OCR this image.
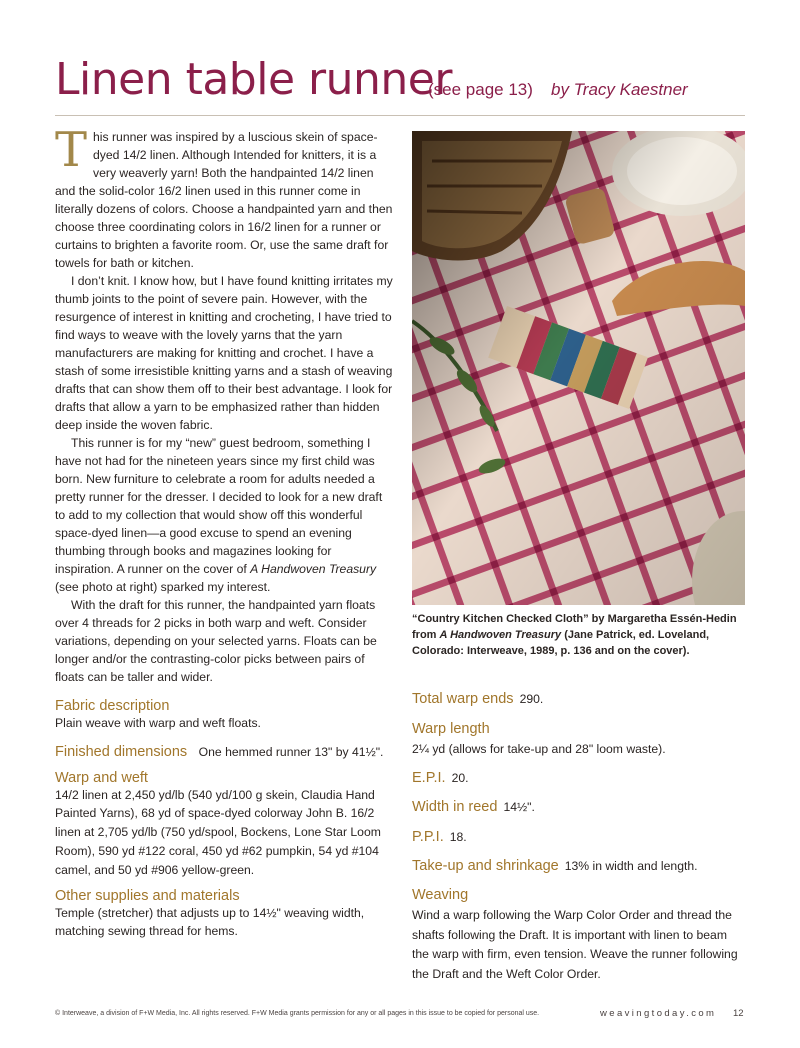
Linen table runner
(see page 13) by Tracy Kaestner

This runner was inspired by a luscious skein of space-dyed 14/2 linen. Although Intended for knitters, it is a very weaverly yarn! Both the handpainted 14/2 linen and the solid-color 16/2 linen used in this runner come in literally dozens of colors. Choose a handpainted yarn and then choose three coordinating colors in 16/2 linen for a runner or curtains to brighten a favorite room. Or, use the same draft for towels for bath or kitchen.

I don’t knit. I know how, but I have found knitting irritates my thumb joints to the point of severe pain. However, with the resurgence of interest in knitting and crocheting, I have tried to find ways to weave with the lovely yarns that the yarn manufacturers are making for knitting and crochet. I have a stash of some irresistible knitting yarns and a stash of weaving drafts that can show them off to their best advantage. I look for drafts that allow a yarn to be emphasized rather than hidden deep inside the woven fabric.

This runner is for my “new” guest bedroom, something I have not had for the nineteen years since my first child was born. New furniture to celebrate a room for adults needed a pretty runner for the dresser. I decided to look for a new draft to add to my collection that would show off this wonderful space-dyed linen—a good excuse to spend an evening thumbing through books and magazines looking for inspiration. A runner on the cover of A Handwoven Treasury (see photo at right) sparked my interest.

With the draft for this runner, the handpainted yarn floats over 4 threads for 2 picks in both warp and weft. Consider variations, depending on your selected yarns. Floats can be longer and/or the contrasting-color picks between pairs of floats can be taller and wider.

Fabric description
Plain weave with warp and weft floats.
Finished dimensions One hemmed runner 13" by 41½".
Warp and weft
14/2 linen at 2,450 yd/lb (540 yd/100 g skein, Claudia Hand Painted Yarns), 68 yd of space-dyed colorway John B. 16/2 linen at 2,705 yd/lb (750 yd/spool, Bockens, Lone Star Loom Room), 590 yd #122 coral, 450 yd #62 pumpkin, 54 yd #104 camel, and 50 yd #906 yellow-green.
Other supplies and materials
Temple (stretcher) that adjusts up to 14½" weaving width, matching sewing thread for hems.
“Country Kitchen Checked Cloth” by Margaretha Essén-Hedin from A Handwoven Treasury (Jane Patrick, ed. Loveland, Colorado: Interweave, 1989, p. 136 and on the cover).
Total warp ends 290.
Warp length
2¼ yd (allows for take-up and 28" loom waste).
E.P.I. 20.
Width in reed 14½".
P.P.I. 18.
Take-up and shrinkage 13% in width and length.
Weaving
Wind a warp following the Warp Color Order and thread the shafts following the Draft. It is important with linen to beam the warp with firm, even tension. Weave the runner following the Draft and the Weft Color Order.
© Interweave, a division of F+W Media, Inc. All rights reserved. F+W Media grants permission for any or all pages in this issue to be copied for personal use.	weavingtoday.com 12
